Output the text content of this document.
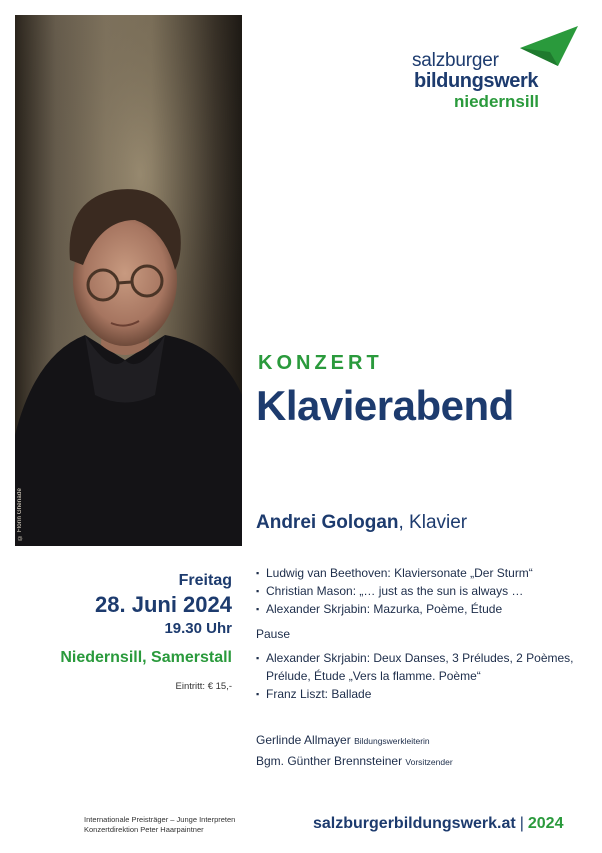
© Florin Ghenade
salzburger
bildungswerk
niedernsill
KONZERT
Klavierabend
Andrei Gologan, Klavier
▪ Ludwig van Beethoven: Klaviersonate „Der Sturm“
▪ Christian Mason: „… just as the sun is always …
▪ Alexander Skrjabin: Mazurka, Poème, Étude
Pause
▪ Alexander Skrjabin: Deux Danses, 3 Préludes, 2 Poèmes, Prélude, Étude „Vers la flamme. Poème“
▪ Franz Liszt: Ballade
Freitag
28. Juni 2024
19.30 Uhr
Niedernsill, Samerstall
Eintritt: € 15,-
Gerlinde Allmayer Bildungswerkleiterin
Bgm. Günther Brennsteiner Vorsitzender
Internationale Preisträger – Junge Interpreten
Konzertdirektion Peter Haarpaintner	salzburgerbildungswerk.at | 2024
